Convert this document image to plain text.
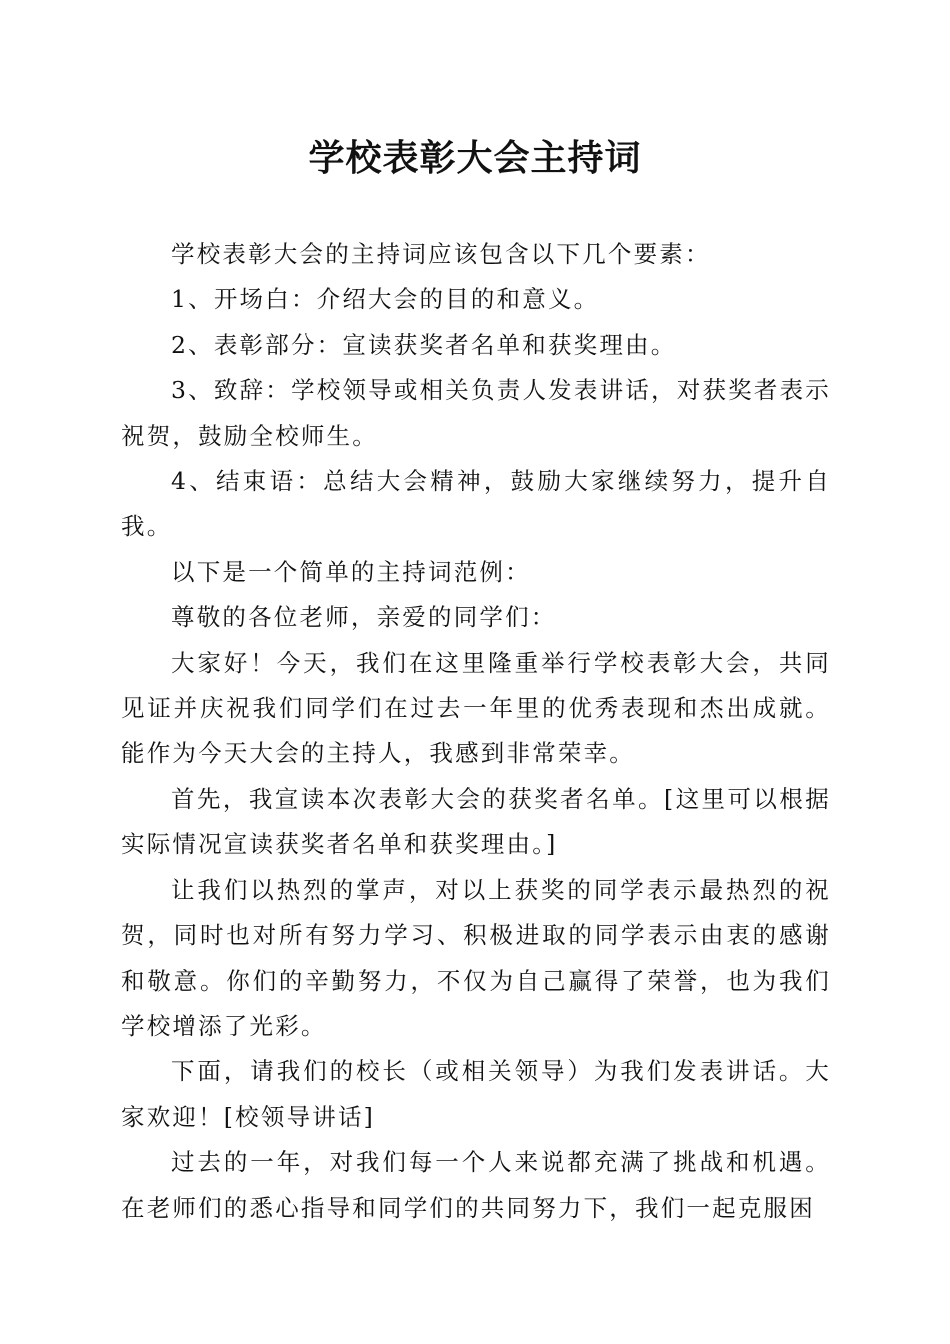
学校表彰大会主持词

学校表彰大会的主持词应该包含以下几个要素：

1、开场白：介绍大会的目的和意义。

2、表彰部分：宣读获奖者名单和获奖理由。

3、致辞：学校领导或相关负责人发表讲话，对获奖者表示祝贺，鼓励全校师生。

4、结束语：总结大会精神，鼓励大家继续努力，提升自我。

以下是一个简单的主持词范例：

尊敬的各位老师，亲爱的同学们：

大家好！今天，我们在这里隆重举行学校表彰大会，共同见证并庆祝我们同学们在过去一年里的优秀表现和杰出成就。能作为今天大会的主持人，我感到非常荣幸。

首先，我宣读本次表彰大会的获奖者名单。[这里可以根据实际情况宣读获奖者名单和获奖理由。]

让我们以热烈的掌声，对以上获奖的同学表示最热烈的祝贺，同时也对所有努力学习、积极进取的同学表示由衷的感谢和敬意。你们的辛勤努力，不仅为自己赢得了荣誉，也为我们学校增添了光彩。

下面，请我们的校长（或相关领导）为我们发表讲话。大家欢迎！[校领导讲话]

过去的一年，对我们每一个人来说都充满了挑战和机遇。在老师们的悉心指导和同学们的共同努力下，我们一起克服困
